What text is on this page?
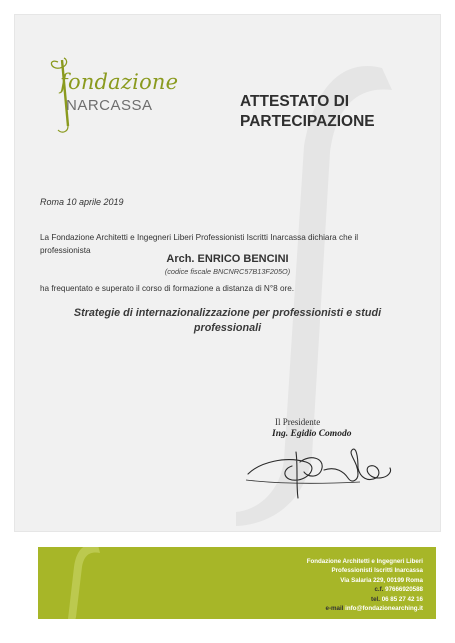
fondazione
NARCASSA	ATTESTATO DI
PARTECIPAZIONE
Roma 10 aprile 2019
La Fondazione Architetti e Ingegneri Liberi Professionisti Iscritti Inarcassa dichiara che il professionista
Arch. ENRICO BENCINI
(codice fiscale BNCNRC57B13F205O)
ha frequentato e superato il corso di formazione a distanza di N°8 ore.
Strategie di internazionalizzazione per professionisti e studi professionali
Il Presidente
Ing. Egidio Comodo
Fondazione Architetti e Ingegneri Liberi
Professionisti Iscritti Inarcassa
Via Salaria 229, 00199 Roma
c.f. 97666920588
tel. 06 85 27 42 16
e-mail info@fondazionearching.it
